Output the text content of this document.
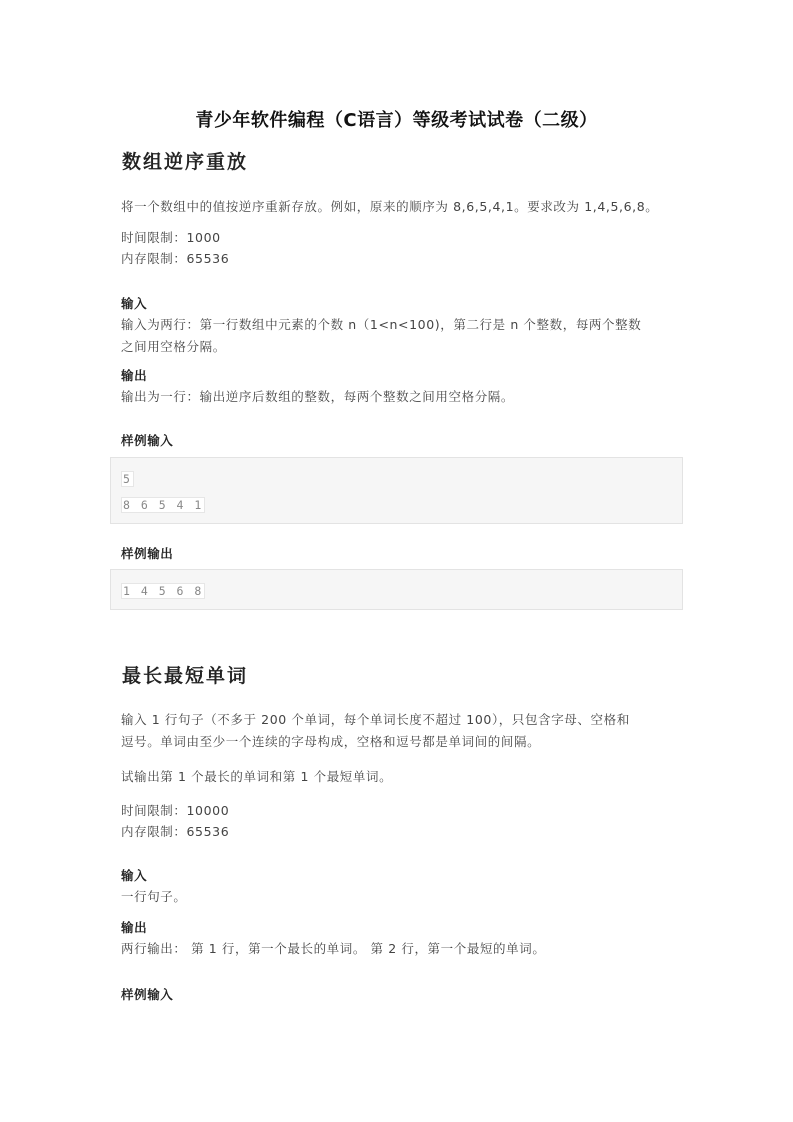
青少年软件编程（C语言）等级考试试卷（二级）
数组逆序重放

将一个数组中的值按逆序重新存放。例如，原来的顺序为 8,6,5,4,1。要求改为 1,4,5,6,8。

时间限制：1000

内存限制：65536

输入

输入为两行：第一行数组中元素的个数 n（1<n<100)，第二行是 n 个整数，每两个整数

之间用空格分隔。

输出

输出为一行：输出逆序后数组的整数，每两个整数之间用空格分隔。

样例输入

5
8 6 5 4 1

样例输出

1 4 5 6 8
最长最短单词

输入 1 行句子（不多于 200 个单词，每个单词长度不超过 100），只包含字母、空格和

逗号。单词由至少一个连续的字母构成，空格和逗号都是单词间的间隔。

试输出第 1 个最长的单词和第 1 个最短单词。

时间限制：10000

内存限制：65536

输入

一行句子。

输出

两行输出： 第 1 行，第一个最长的单词。 第 2 行，第一个最短的单词。

样例输入
